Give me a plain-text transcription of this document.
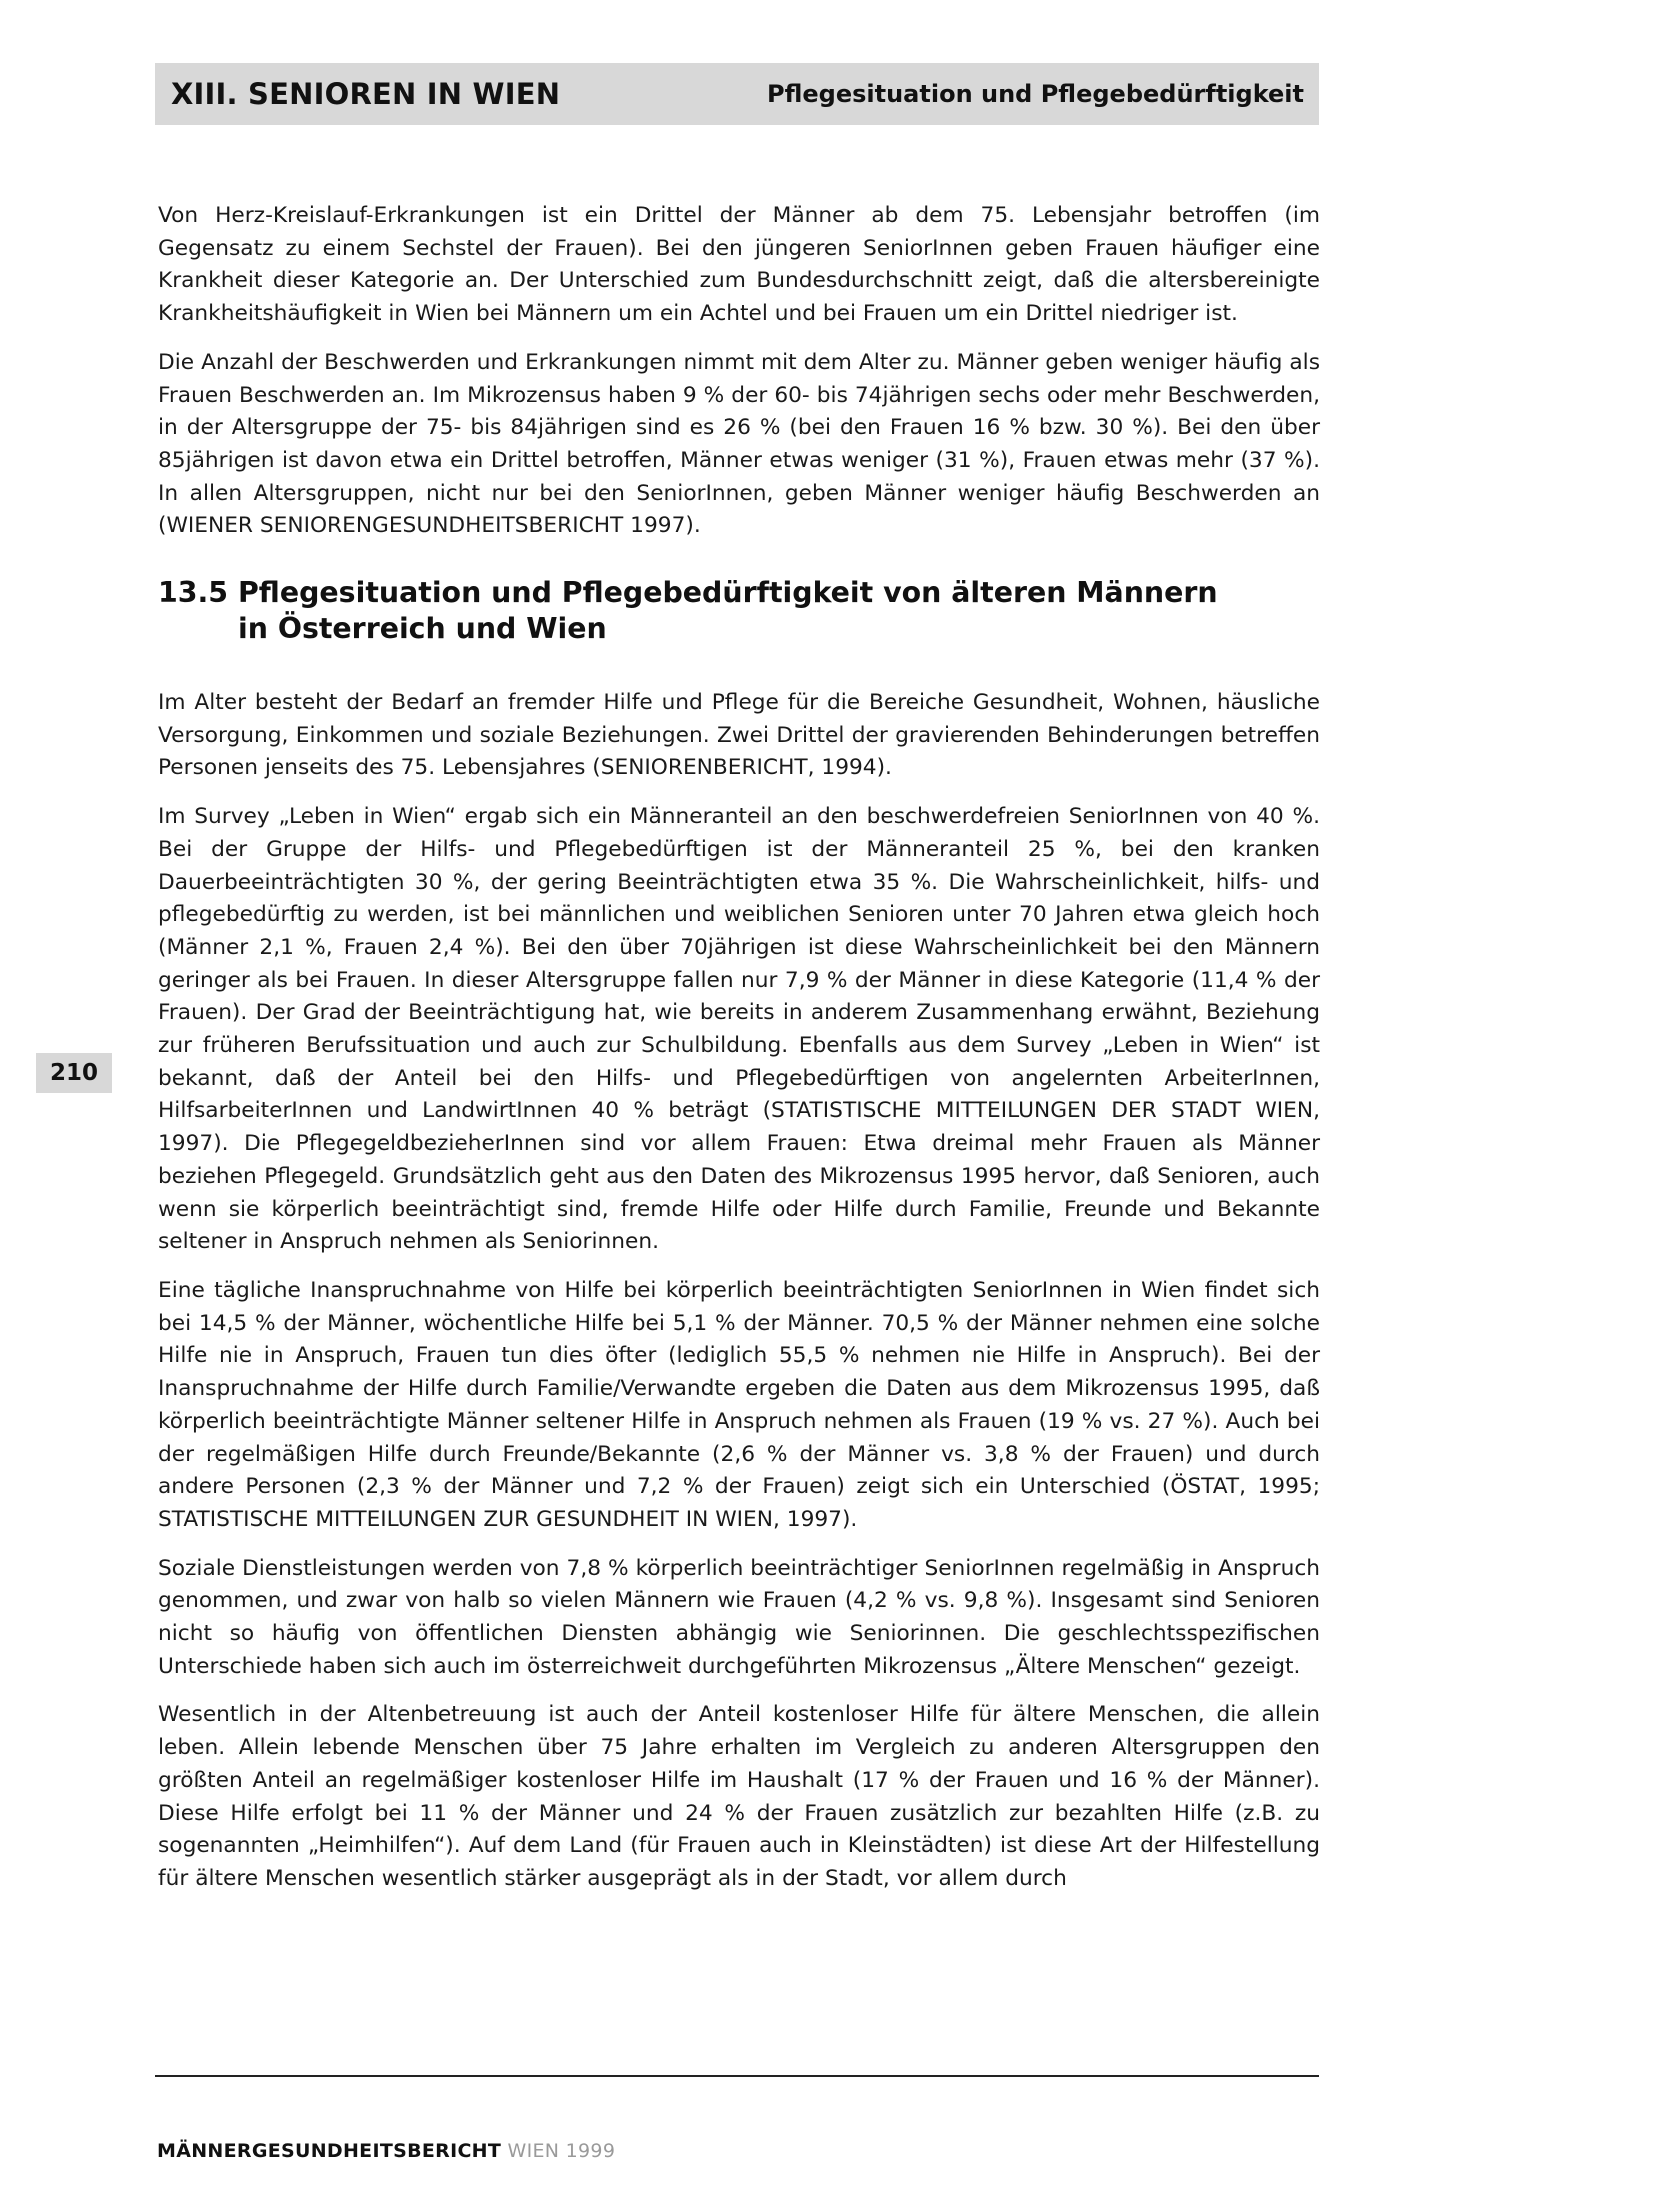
XIII. SENIOREN IN WIEN	Pflegesituation und Pflegebedürftigkeit

Von Herz-Kreislauf-Erkrankungen ist ein Drittel der Männer ab dem 75. Lebensjahr betroffen (im Gegensatz zu einem Sechstel der Frauen). Bei den jüngeren SeniorInnen geben Frauen häufiger eine Krankheit dieser Kategorie an. Der Unterschied zum Bundesdurchschnitt zeigt, daß die altersbereinigte Krankheitshäufigkeit in Wien bei Männern um ein Achtel und bei Frauen um ein Drittel niedriger ist.

Die Anzahl der Beschwerden und Erkrankungen nimmt mit dem Alter zu. Männer geben weniger häufig als Frauen Beschwerden an. Im Mikrozensus haben 9 % der 60- bis 74jährigen sechs oder mehr Beschwerden, in der Altersgruppe der 75- bis 84jährigen sind es 26 % (bei den Frauen 16 % bzw. 30 %). Bei den über 85jährigen ist davon etwa ein Drittel betroffen, Männer etwas weniger (31 %), Frauen etwas mehr (37 %). In allen Altersgruppen, nicht nur bei den SeniorInnen, geben Männer weniger häufig Beschwerden an (WIENER SENIORENGESUNDHEITSBERICHT 1997).

13.5 Pflegesituation und Pflegebedürftigkeit von älteren Männern
in Österreich und Wien

Im Alter besteht der Bedarf an fremder Hilfe und Pflege für die Bereiche Gesundheit, Wohnen, häusliche Versorgung, Einkommen und soziale Beziehungen. Zwei Drittel der gravierenden Behinderungen betreffen Personen jenseits des 75. Lebensjahres (SENIORENBERICHT, 1994).

Im Survey „Leben in Wien“ ergab sich ein Männeranteil an den beschwerdefreien SeniorInnen von 40 %. Bei der Gruppe der Hilfs- und Pflegebedürftigen ist der Männeranteil 25 %, bei den kranken Dauerbeeinträchtigten 30 %, der gering Beeinträchtigten etwa 35 %. Die Wahrscheinlichkeit, hilfs- und pflegebedürftig zu werden, ist bei männlichen und weiblichen Senioren unter 70 Jahren etwa gleich hoch (Männer 2,1 %, Frauen 2,4 %). Bei den über 70jährigen ist diese Wahrscheinlichkeit bei den Männern geringer als bei Frauen. In dieser Altersgruppe fallen nur 7,9 % der Männer in diese Kategorie (11,4 % der Frauen). Der Grad der Beeinträchtigung hat, wie bereits in anderem Zusammenhang erwähnt, Beziehung zur früheren Berufssituation und auch zur Schulbildung. Ebenfalls aus dem Survey „Leben in Wien“ ist bekannt, daß der Anteil bei den Hilfs- und Pflegebedürftigen von angelernten ArbeiterInnen, HilfsarbeiterInnen und LandwirtInnen 40 % beträgt (STATISTISCHE MITTEILUNGEN DER STADT WIEN, 1997). Die PflegegeldbezieherInnen sind vor allem Frauen: Etwa dreimal mehr Frauen als Männer beziehen Pflegegeld. Grundsätzlich geht aus den Daten des Mikrozensus 1995 hervor, daß Senioren, auch wenn sie körperlich beeinträchtigt sind, fremde Hilfe oder Hilfe durch Familie, Freunde und Bekannte seltener in Anspruch nehmen als Seniorinnen.

Eine tägliche Inanspruchnahme von Hilfe bei körperlich beeinträchtigten SeniorInnen in Wien findet sich bei 14,5 % der Männer, wöchentliche Hilfe bei 5,1 % der Männer. 70,5 % der Männer nehmen eine solche Hilfe nie in Anspruch, Frauen tun dies öfter (lediglich 55,5 % nehmen nie Hilfe in Anspruch). Bei der Inanspruchnahme der Hilfe durch Familie/Verwandte ergeben die Daten aus dem Mikrozensus 1995, daß körperlich beeinträchtigte Männer seltener Hilfe in Anspruch nehmen als Frauen (19 % vs. 27 %). Auch bei der regelmäßigen Hilfe durch Freunde/Bekannte (2,6 % der Männer vs. 3,8 % der Frauen) und durch andere Personen (2,3 % der Männer und 7,2 % der Frauen) zeigt sich ein Unterschied (ÖSTAT, 1995; STATISTISCHE MITTEILUNGEN ZUR GESUNDHEIT IN WIEN, 1997).

Soziale Dienstleistungen werden von 7,8 % körperlich beeinträchtiger SeniorInnen regelmäßig in Anspruch genommen, und zwar von halb so vielen Männern wie Frauen (4,2 % vs. 9,8 %). Insgesamt sind Senioren nicht so häufig von öffentlichen Diensten abhängig wie Seniorinnen. Die geschlechtsspezifischen Unterschiede haben sich auch im österreichweit durchgeführten Mikrozensus „Ältere Menschen“ gezeigt.

Wesentlich in der Altenbetreuung ist auch der Anteil kostenloser Hilfe für ältere Menschen, die allein leben. Allein lebende Menschen über 75 Jahre erhalten im Vergleich zu anderen Altersgruppen den größten Anteil an regelmäßiger kostenloser Hilfe im Haushalt (17 % der Frauen und 16 % der Männer). Diese Hilfe erfolgt bei 11 % der Männer und 24 % der Frauen zusätzlich zur bezahlten Hilfe (z.B. zu sogenannten „Heimhilfen“). Auf dem Land (für Frauen auch in Kleinstädten) ist diese Art der Hilfestellung für ältere Menschen wesentlich stärker ausgeprägt als in der Stadt, vor allem durch

210
MÄNNERGESUNDHEITSBERICHT WIEN 1999
